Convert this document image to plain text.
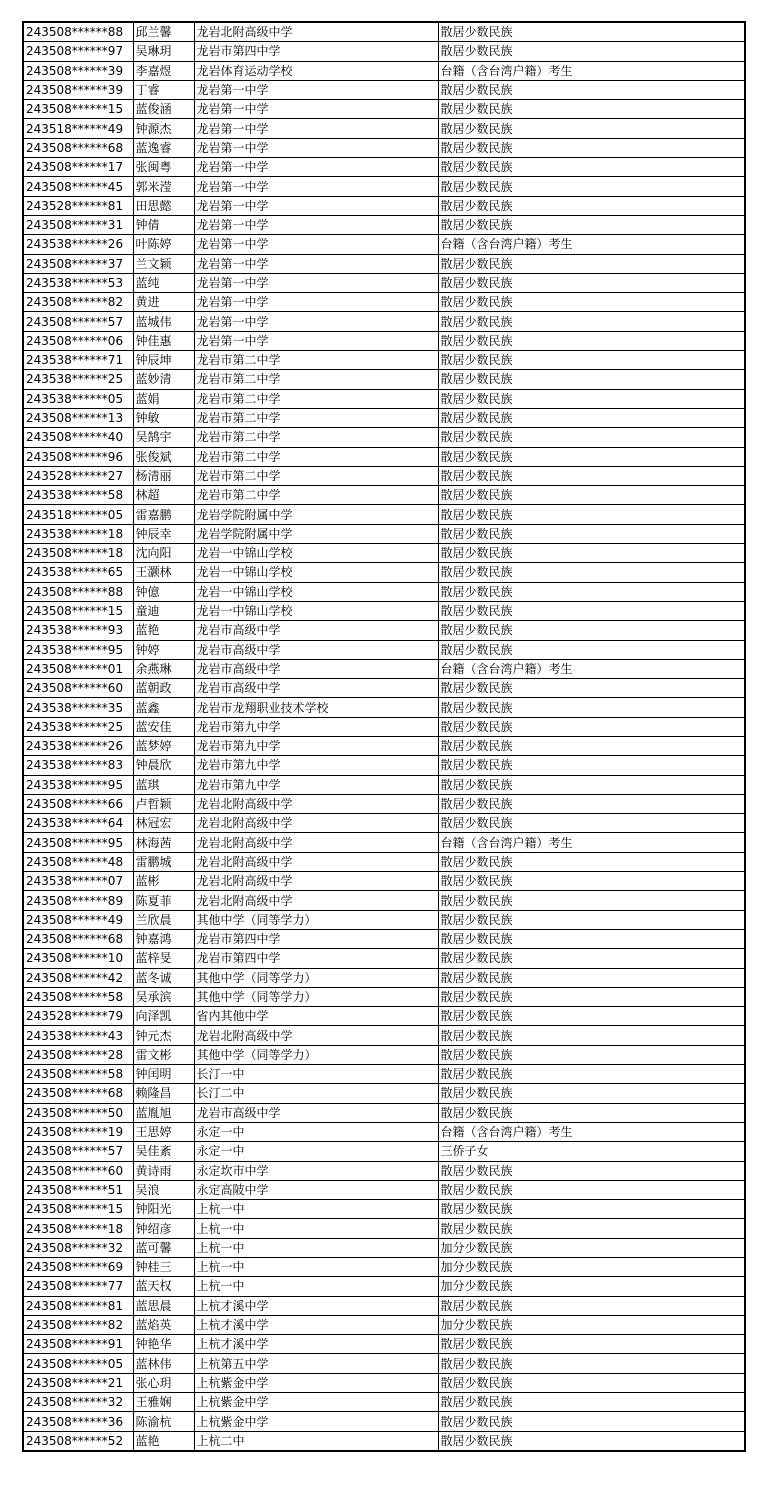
243508******88	邱兰馨	龙岩北附高级中学	散居少数民族
243508******97	吴琳玥	龙岩市第四中学	散居少数民族
243508******39	李嘉煜	龙岩体育运动学校	台籍（含台湾户籍）考生
243508******39	丁睿	龙岩第一中学	散居少数民族
243508******15	蓝俊涵	龙岩第一中学	散居少数民族
243518******49	钟源杰	龙岩第一中学	散居少数民族
243508******68	蓝逸睿	龙岩第一中学	散居少数民族
243508******17	张闽粤	龙岩第一中学	散居少数民族
243508******45	郭米滢	龙岩第一中学	散居少数民族
243528******81	田思懿	龙岩第一中学	散居少数民族
243508******31	钟倩	龙岩第一中学	散居少数民族
243538******26	叶陈婷	龙岩第一中学	台籍（含台湾户籍）考生
243508******37	兰文颖	龙岩第一中学	散居少数民族
243538******53	蓝纯	龙岩第一中学	散居少数民族
243508******82	黄进	龙岩第一中学	散居少数民族
243508******57	蓝城伟	龙岩第一中学	散居少数民族
243508******06	钟佳惠	龙岩第一中学	散居少数民族
243538******71	钟辰坤	龙岩市第二中学	散居少数民族
243538******25	蓝妙清	龙岩市第二中学	散居少数民族
243538******05	蓝娟	龙岩市第二中学	散居少数民族
243508******13	钟敏	龙岩市第二中学	散居少数民族
243508******40	吴鹄宇	龙岩市第二中学	散居少数民族
243508******96	张俊斌	龙岩市第二中学	散居少数民族
243528******27	杨清丽	龙岩市第二中学	散居少数民族
243538******58	林超	龙岩市第二中学	散居少数民族
243518******05	雷嘉鹏	龙岩学院附属中学	散居少数民族
243538******18	钟辰幸	龙岩学院附属中学	散居少数民族
243508******18	沈向阳	龙岩一中锦山学校	散居少数民族
243538******65	王灏林	龙岩一中锦山学校	散居少数民族
243508******88	钟億	龙岩一中锦山学校	散居少数民族
243508******15	童迪	龙岩一中锦山学校	散居少数民族
243538******93	蓝艳	龙岩市高级中学	散居少数民族
243538******95	钟婷	龙岩市高级中学	散居少数民族
243508******01	余燕琳	龙岩市高级中学	台籍（含台湾户籍）考生
243508******60	蓝朝政	龙岩市高级中学	散居少数民族
243538******35	蓝鑫	龙岩市龙翔职业技术学校	散居少数民族
243538******25	蓝安佳	龙岩市第九中学	散居少数民族
243538******26	蓝梦婷	龙岩市第九中学	散居少数民族
243538******83	钟晨欣	龙岩市第九中学	散居少数民族
243538******95	蓝琪	龙岩市第九中学	散居少数民族
243508******66	卢哲颖	龙岩北附高级中学	散居少数民族
243538******64	林冠宏	龙岩北附高级中学	散居少数民族
243508******95	林海茜	龙岩北附高级中学	台籍（含台湾户籍）考生
243508******48	雷鹏城	龙岩北附高级中学	散居少数民族
243538******07	蓝彬	龙岩北附高级中学	散居少数民族
243508******89	陈夏菲	龙岩北附高级中学	散居少数民族
243508******49	兰欣晨	其他中学（同等学力）	散居少数民族
243508******68	钟嘉鸿	龙岩市第四中学	散居少数民族
243508******10	蓝梓旻	龙岩市第四中学	散居少数民族
243508******42	蓝冬诚	其他中学（同等学力）	散居少数民族
243508******58	吴承滨	其他中学（同等学力）	散居少数民族
243528******79	向泽凯	省内其他中学	散居少数民族
243538******43	钟元杰	龙岩北附高级中学	散居少数民族
243508******28	雷文彬	其他中学（同等学力）	散居少数民族
243508******58	钟闰明	长汀一中	散居少数民族
243508******68	赖隆昌	长汀二中	散居少数民族
243508******50	蓝胤旭	龙岩市高级中学	散居少数民族
243508******19	王思婷	永定一中	台籍（含台湾户籍）考生
243508******57	吴佳紊	永定一中	三侨子女
243508******60	黄诗雨	永定坎市中学	散居少数民族
243508******51	吴浪	永定高陂中学	散居少数民族
243508******15	钟阳光	上杭一中	散居少数民族
243508******18	钟绍彦	上杭一中	散居少数民族
243508******32	蓝可馨	上杭一中	加分少数民族
243508******69	钟桂三	上杭一中	加分少数民族
243508******77	蓝天权	上杭一中	加分少数民族
243508******81	蓝思晨	上杭才溪中学	散居少数民族
243508******82	蓝焰英	上杭才溪中学	加分少数民族
243508******91	钟艳华	上杭才溪中学	散居少数民族
243508******05	蓝林伟	上杭第五中学	散居少数民族
243508******21	张心玥	上杭紫金中学	散居少数民族
243508******32	王雅娴	上杭紫金中学	散居少数民族
243508******36	陈渝杭	上杭紫金中学	散居少数民族
243508******52	蓝艳	上杭二中	散居少数民族
